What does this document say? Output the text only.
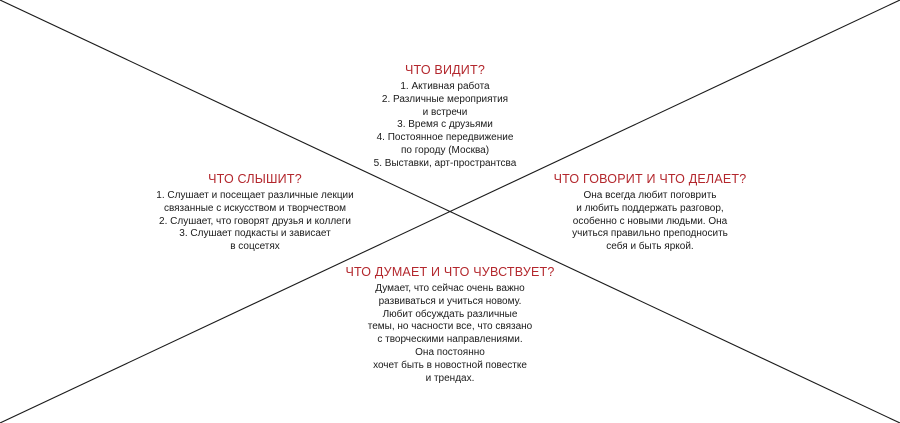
ЧТО ВИДИТ?
1. Активная работа
2. Различные мероприятия
и встречи
3. Время с друзьями
4. Постоянное передвижение
по городу (Москва)
5. Выставки, арт-пространтсва
ЧТО СЛЫШИТ?
1. Слушает и посещает различные лекции
связанные с искусством и творчеством
2. Слушает, что говорят друзья и коллеги
3. Слушает подкасты и зависает
в соцсетях
ЧТО ГОВОРИТ И ЧТО ДЕЛАЕТ?
Она всегда любит поговрить
и любить поддержать разговор,
особенно с новыми людьми. Она
учиться правильно преподносить
себя и быть яркой.
ЧТО ДУМАЕТ И ЧТО ЧУВСТВУЕТ?
Думает, что сейчас очень важно
развиваться и учиться новому.
Любит обсуждать различные
темы, но часности все, что связано
с творческими направлениями.
Она постоянно
хочет быть в новостной повестке
и трендах.
